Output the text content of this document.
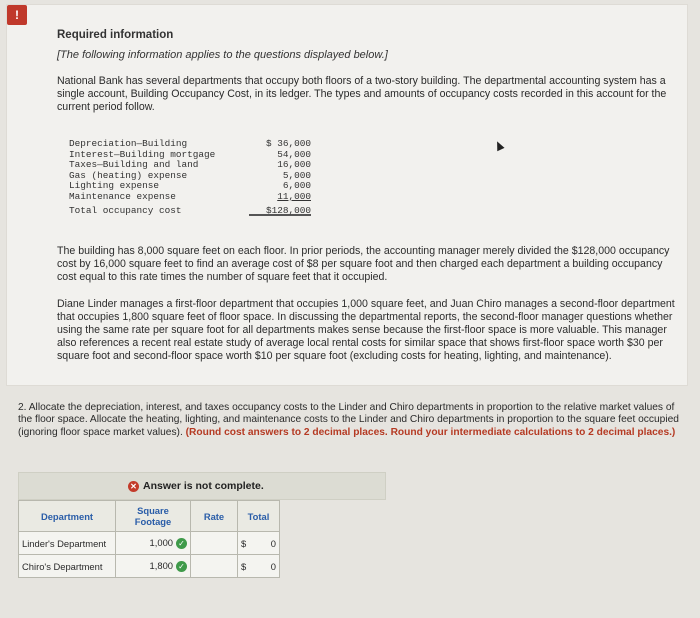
!
Required information
[The following information applies to the questions displayed below.]
National Bank has several departments that occupy both floors of a two-story building. The departmental accounting system has a single account, Building Occupancy Cost, in its ledger. The types and amounts of occupancy costs recorded in this account for the current period follow.
Depreciation—Building	$ 36,000
Interest—Building mortgage	54,000
Taxes—Building and land	16,000
Gas (heating) expense	5,000
Lighting expense	6,000
Maintenance expense	11,000
Total occupancy cost	$128,000
The building has 8,000 square feet on each floor. In prior periods, the accounting manager merely divided the $128,000 occupancy cost by 16,000 square feet to find an average cost of $8 per square foot and then charged each department a building occupancy cost equal to this rate times the number of square feet that it occupied.
Diane Linder manages a first-floor department that occupies 1,000 square feet, and Juan Chiro manages a second-floor department that occupies 1,800 square feet of floor space. In discussing the departmental reports, the second-floor manager questions whether using the same rate per square foot for all departments makes sense because the first-floor space is more valuable. This manager also references a recent real estate study of average local rental costs for similar space that shows first-floor space worth $30 per square foot and second-floor space worth $10 per square foot (excluding costs for heating, lighting, and maintenance).
2. Allocate the depreciation, interest, and taxes occupancy costs to the Linder and Chiro departments in proportion to the relative market values of the floor space. Allocate the heating, lighting, and maintenance costs to the Linder and Chiro departments in proportion to the square feet occupied (ignoring floor space market values). (Round cost answers to 2 decimal places. Round your intermediate calculations to 2 decimal places.)
✕ Answer is not complete.
Department	Square Footage	Rate	Total
Linder's Department	1,000 ✓		$ 0

Chiro's Department	1,800 ✓		$ 0
